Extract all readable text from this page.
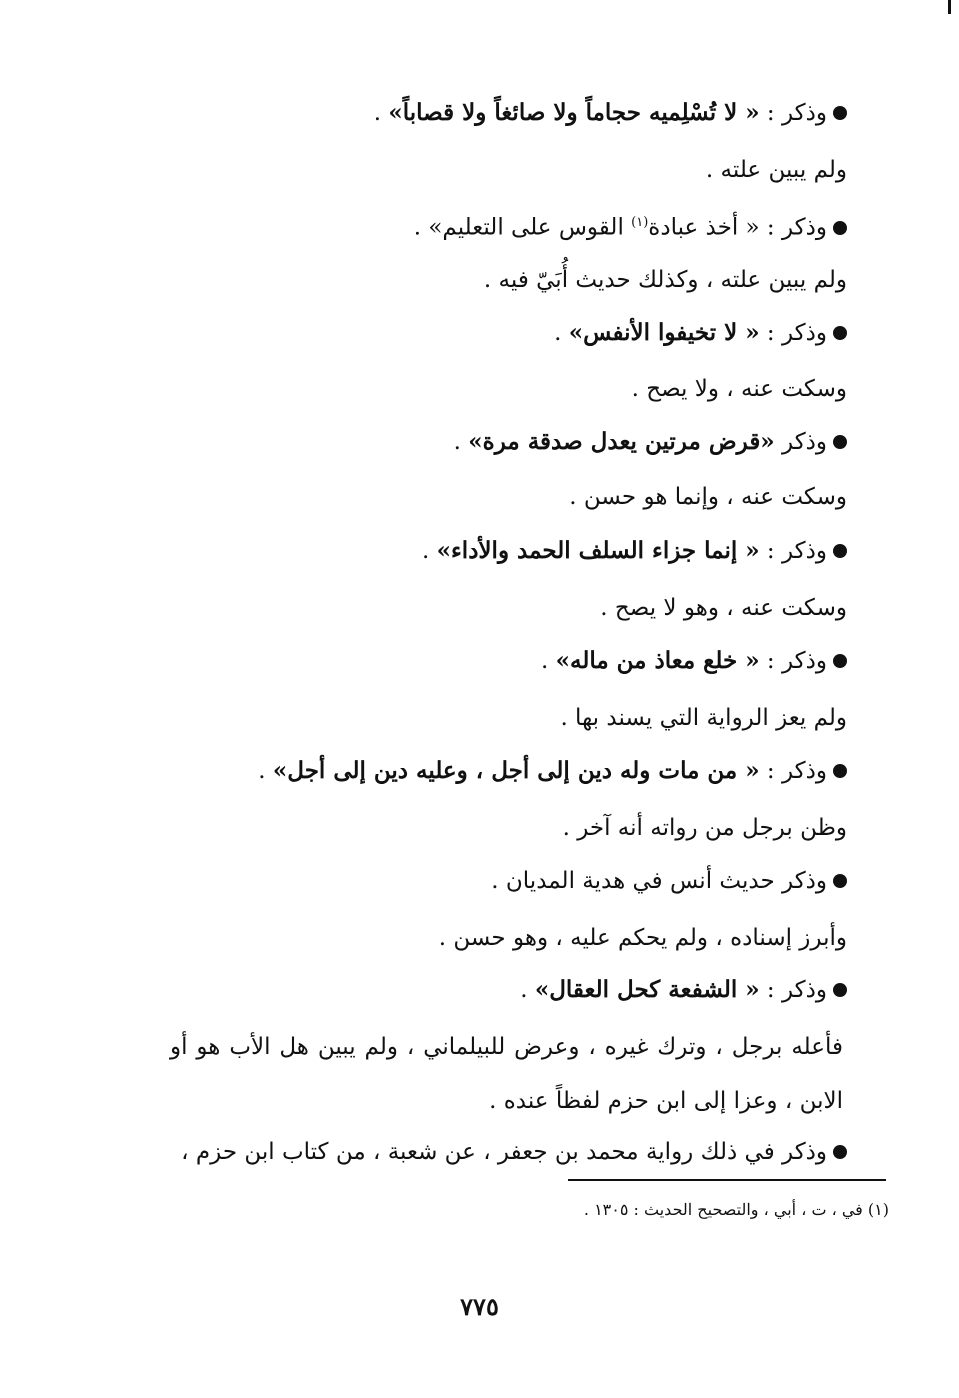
وذكر : « لا تُسْلِميه حجاماً ولا صائغاً ولا قصاباً» .
ولم يبين علته .
وذكر : « أخذ عبادة$^{(١)}$ القوس على التعليم» .
ولم يبين علته ، وكذلك حديث أُبَيّ فيه .
وذكر : « لا تخيفوا الأنفس» .
وسكت عنه ، ولا يصح .
وذكر «قرض مرتين يعدل صدقة مرة» .
وسكت عنه ، وإنما هو حسن .
وذكر : « إنما جزاء السلف الحمد والأداء» .
وسكت عنه ، وهو لا يصح .
وذكر : « خلع معاذ من ماله» .
ولم يعز الرواية التي يسند بها .
وذكر : « من مات وله دين إلى أجل ، وعليه دين إلى أجل» .
وظن برجل من رواته أنه آخر .
وذكر حديث أنس في هدية المديان .
وأبرز إسناده ، ولم يحكم عليه ، وهو حسن .
وذكر : « الشفعة كحل العقال» .
فأعله برجل ، وترك غيره ، وعرض للبيلماني ، ولم يبين هل الأب هو أو الابن ، وعزا إلى ابن حزم لفظاً عنده .
وذكر في ذلك رواية محمد بن جعفر ، عن شعبة ، من كتاب ابن حزم ،
(١) في ، ت ، أبي ، والتصحيح الحديث : ١٣٠٥ .
٧٧٥
